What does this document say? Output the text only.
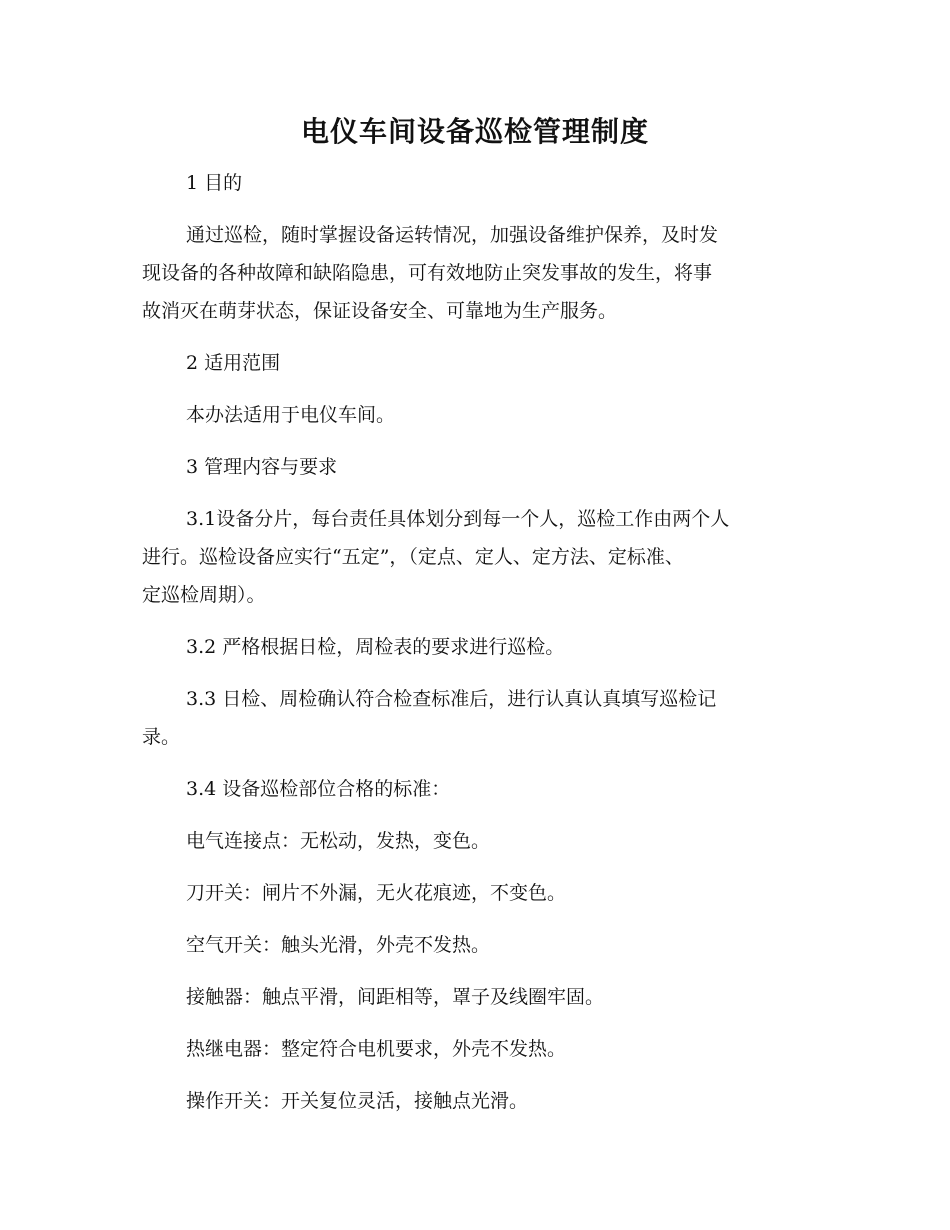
电仪车间设备巡检管理制度
1 目的
通过巡检，随时掌握设备运转情况，加强设备维护保养，及时发
现设备的各种故障和缺陷隐患，可有效地防止突发事故的发生，将事
故消灭在萌芽状态，保证设备安全、可靠地为生产服务。
2 适用范围
本办法适用于电仪车间。
3 管理内容与要求
3.1设备分片，每台责任具体划分到每一个人，巡检工作由两个人
进行。巡检设备应实行“五定”，（定点、定人、定方法、定标准、
定巡检周期）。
3.2 严格根据日检，周检表的要求进行巡检。
3.3 日检、周检确认符合检查标准后，进行认真认真填写巡检记
录。
3.4 设备巡检部位合格的标准：
电气连接点：无松动，发热，变色。
刀开关：闸片不外漏，无火花痕迹，不变色。
空气开关：触头光滑，外壳不发热。
接触器：触点平滑，间距相等，罩子及线圈牢固。
热继电器：整定符合电机要求，外壳不发热。
操作开关：开关复位灵活，接触点光滑。
